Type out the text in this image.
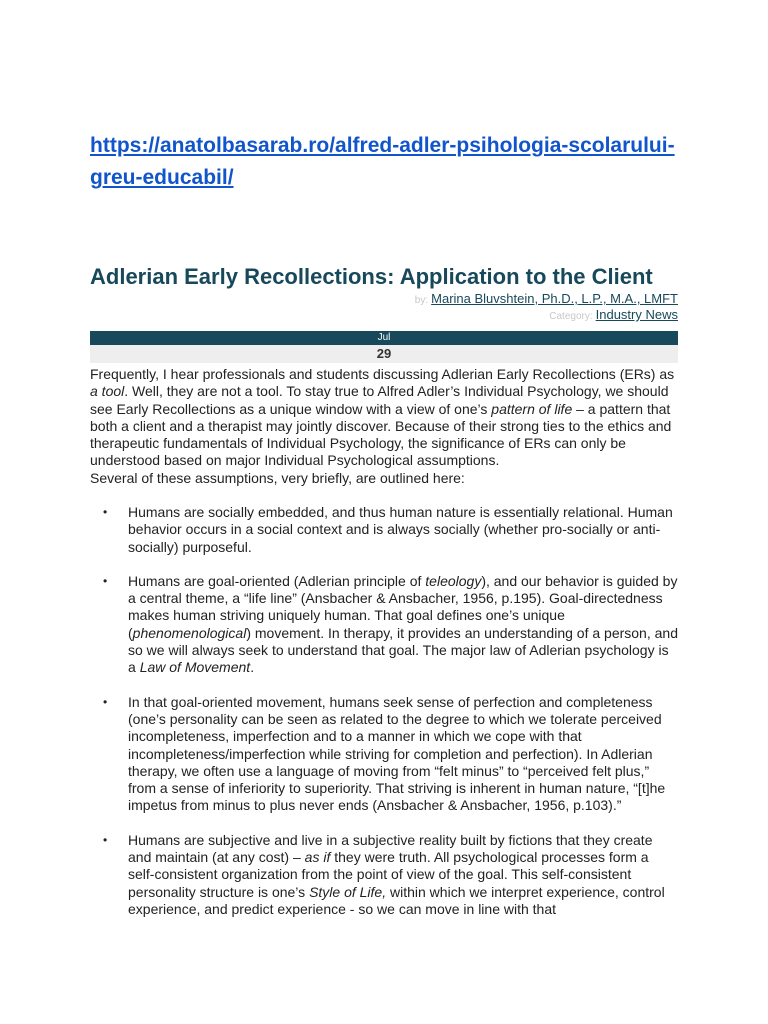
https://anatolbasarab.ro/alfred-adler-psihologia-scolarului-greu-educabil/
Adlerian Early Recollections: Application to the Client
by: Marina Bluvshtein, Ph.D., L.P., M.A., LMFT
Category: Industry News
Jul
29

Frequently, I hear professionals and students discussing Adlerian Early Recollections (ERs) as a tool. Well, they are not a tool. To stay true to Alfred Adler’s Individual Psychology, we should see Early Recollections as a unique window with a view of one’s pattern of life – a pattern that both a client and a therapist may jointly discover. Because of their strong ties to the ethics and therapeutic fundamentals of Individual Psychology, the significance of ERs can only be understood based on major Individual Psychological assumptions.

Several of these assumptions, very briefly, are outlined here:

• Humans are socially embedded, and thus human nature is essentially relational. Human behavior occurs in a social context and is always socially (whether pro-socially or anti-socially) purposeful.
• Humans are goal-oriented (Adlerian principle of teleology), and our behavior is guided by a central theme, a “life line” (Ansbacher & Ansbacher, 1956, p.195). Goal-directedness makes human striving uniquely human. That goal defines one’s unique (phenomenological) movement. In therapy, it provides an understanding of a person, and so we will always seek to understand that goal. The major law of Adlerian psychology is a Law of Movement.
• In that goal-oriented movement, humans seek sense of perfection and completeness (one’s personality can be seen as related to the degree to which we tolerate perceived incompleteness, imperfection and to a manner in which we cope with that incompleteness/imperfection while striving for completion and perfection). In Adlerian therapy, we often use a language of moving from “felt minus” to “perceived felt plus,” from a sense of inferiority to superiority. That striving is inherent in human nature, “[t]he impetus from minus to plus never ends (Ansbacher & Ansbacher, 1956, p.103).”
• Humans are subjective and live in a subjective reality built by fictions that they create and maintain (at any cost) – as if they were truth. All psychological processes form a self-consistent organization from the point of view of the goal. This self-consistent personality structure is one’s Style of Life, within which we interpret experience, control experience, and predict experience - so we can move in line with that
